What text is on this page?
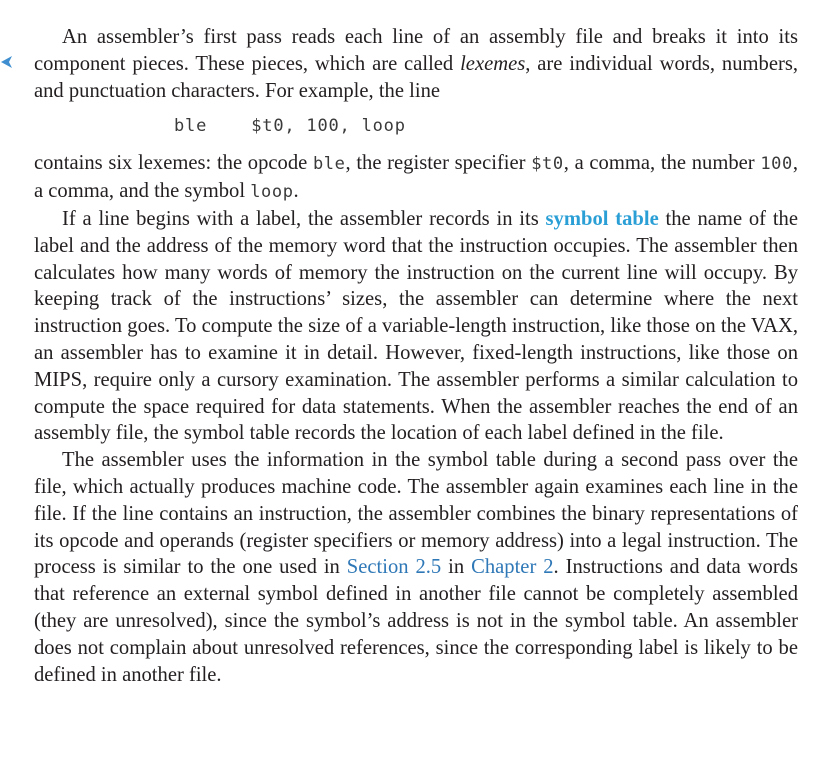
An assembler’s first pass reads each line of an assembly file and breaks it into its component pieces. These pieces, which are called lexemes, are individual words, numbers, and punctuation characters. For example, the line

ble	$t0, 100, loop

contains six lexemes: the opcode ble, the register specifier $t0, a comma, the number 100, a comma, and the symbol loop.

If a line begins with a label, the assembler records in its symbol table the name of the label and the address of the memory word that the instruction occupies. The assembler then calculates how many words of memory the instruction on the current line will occupy. By keeping track of the instructions’ sizes, the assembler can determine where the next instruction goes. To compute the size of a variable-length instruction, like those on the VAX, an assembler has to examine it in detail. However, fixed-length instructions, like those on MIPS, require only a cursory examination. The assembler performs a similar calculation to compute the space required for data statements. When the assembler reaches the end of an assembly file, the symbol table records the location of each label defined in the file.

The assembler uses the information in the symbol table during a second pass over the file, which actually produces machine code. The assembler again examines each line in the file. If the line contains an instruction, the assembler combines the binary representations of its opcode and operands (register specifiers or memory address) into a legal instruction. The process is similar to the one used in Section 2.5 in Chapter 2. Instructions and data words that reference an external symbol defined in another file cannot be completely assembled (they are unresolved), since the symbol’s address is not in the symbol table. An assembler does not complain about unresolved references, since the corresponding label is likely to be defined in another file.
